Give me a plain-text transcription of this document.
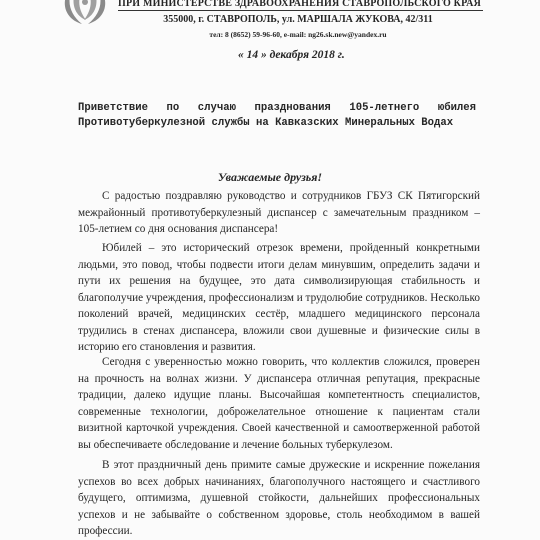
ПРИ МИНИСТЕРСТВЕ ЗДРАВООХРАНЕНИЯ СТАВРОПОЛЬСКОГО КРАЯ
355000, г. СТАВРОПОЛЬ, ул. МАРШАЛА ЖУКОВА, 42/311
тел: 8 (8652) 59-96-60, e-mail: ng26.sk.new@yandex.ru
« 14 » декабря 2018 г.
Приветствие по случаю празднования 105-летнего юбилея
Противотуберкулезной службы на Кавказских Минеральных Водах
Уважаемые друзья!

С радостью поздравляю руководство и сотрудников ГБУЗ СК Пятигорский межрайонный противотуберкулезный диспансер с замечательным праздником – 105-летием со дня основания диспансера!

Юбилей – это исторический отрезок времени, пройденный конкретными людьми, это повод, чтобы подвести итоги делам минувшим, определить задачи и пути их решения на будущее, это дата символизирующая стабильность и благополучие учреждения, профессионализм и трудолюбие сотрудников. Несколько поколений врачей, медицинских сестёр, младшего медицинского персонала трудились в стенах диспансера, вложили свои душевные и физические силы в историю его становления и развития.

Сегодня с уверенностью можно говорить, что коллектив сложился, проверен на прочность на волнах жизни. У диспансера отличная репутация, прекрасные традиции, далеко идущие планы. Высочайшая компетентность специалистов, современные технологии, доброжелательное отношение к пациентам стали визитной карточкой учреждения. Своей качественной и самоотверженной работой вы обеспечиваете обследование и лечение больных туберкулезом.

В этот праздничный день примите самые дружеские и искренние пожелания успехов во всех добрых начинаниях, благополучного настоящего и счастливого будущего, оптимизма, душевной стойкости, дальнейших профессиональных успехов и не забывайте о собственном здоровье, столь необходимом в вашей профессии.
